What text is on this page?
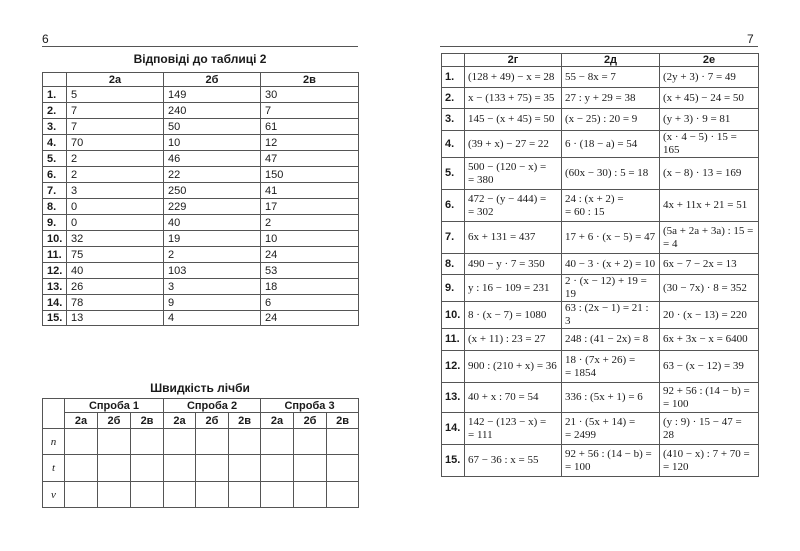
6	7
Відповіді до таблиці 2
	2а	2б	2в
1.	5	149	30
2.	7	240	7
3.	7	50	61
4.	70	10	12
5.	2	46	47
6.	2	22	150
7.	3	250	41
8.	0	229	17
9.	0	40	2
10.	32	19	10
11.	75	2	24
12.	40	103	53
13.	26	3	18
14.	78	9	6
15.	13	4	24
Швидкість лічби
	Спроба 1			Спроба 2			Спроба 3		
	2а	2б	2в	2а	2б	2в	2а	2б	2в
n									
t									
v									
	2г	2д	2е
1.	(128 + 49) − x = 28	55 − 8x = 7	(2y + 3) · 7 = 49

2.	x − (133 + 75) = 35	27 : y + 29 = 38	(x + 45) − 24 = 50

3.	145 − (x + 45) = 50	(x − 25) : 20 = 9	(y + 3) · 9 = 81

4.	(39 + x) − 27 = 22	6 · (18 − a) = 54	(x · 4 − 5) · 15 = 165

5.	500 − (120 − x) =
= 380	(60x − 30) : 5 = 18	(x − 8) · 13 = 169

6.	472 − (y − 444) =
= 302	24 : (x + 2) =
= 60 : 15	4x + 11x + 21 = 51

7.	6x + 131 = 437	17 + 6 · (x − 5) = 47	(5a + 2a + 3a) : 15 =
= 4

8.	490 − y · 7 = 350	40 − 3 · (x + 2) = 10	6x − 7 − 2x = 13

9.	y : 16 − 109 = 231	2 · (x − 12) + 19 = 19	(30 − 7x) · 8 = 352

10.	8 · (x − 7) = 1080	63 : (2x − 1) = 21 : 3	20 · (x − 13) = 220

11.	(x + 11) : 23 = 27	248 : (41 − 2x) = 8	6x + 3x − x = 6400

12.	900 : (210 + x) = 36	18 · (7x + 26) =
= 1854	63 − (x − 12) = 39

13.	40 + x : 70 = 54	336 : (5x + 1) = 6	92 + 56 : (14 − b) =
= 100

14.	142 − (123 − x) =
= 111	21 · (5x + 14) =
= 2499	(y : 9) · 15 − 47 = 28

15.	67 − 36 : x = 55	92 + 56 : (14 − b) =
= 100	(410 − x) : 7 + 70 =
= 120
